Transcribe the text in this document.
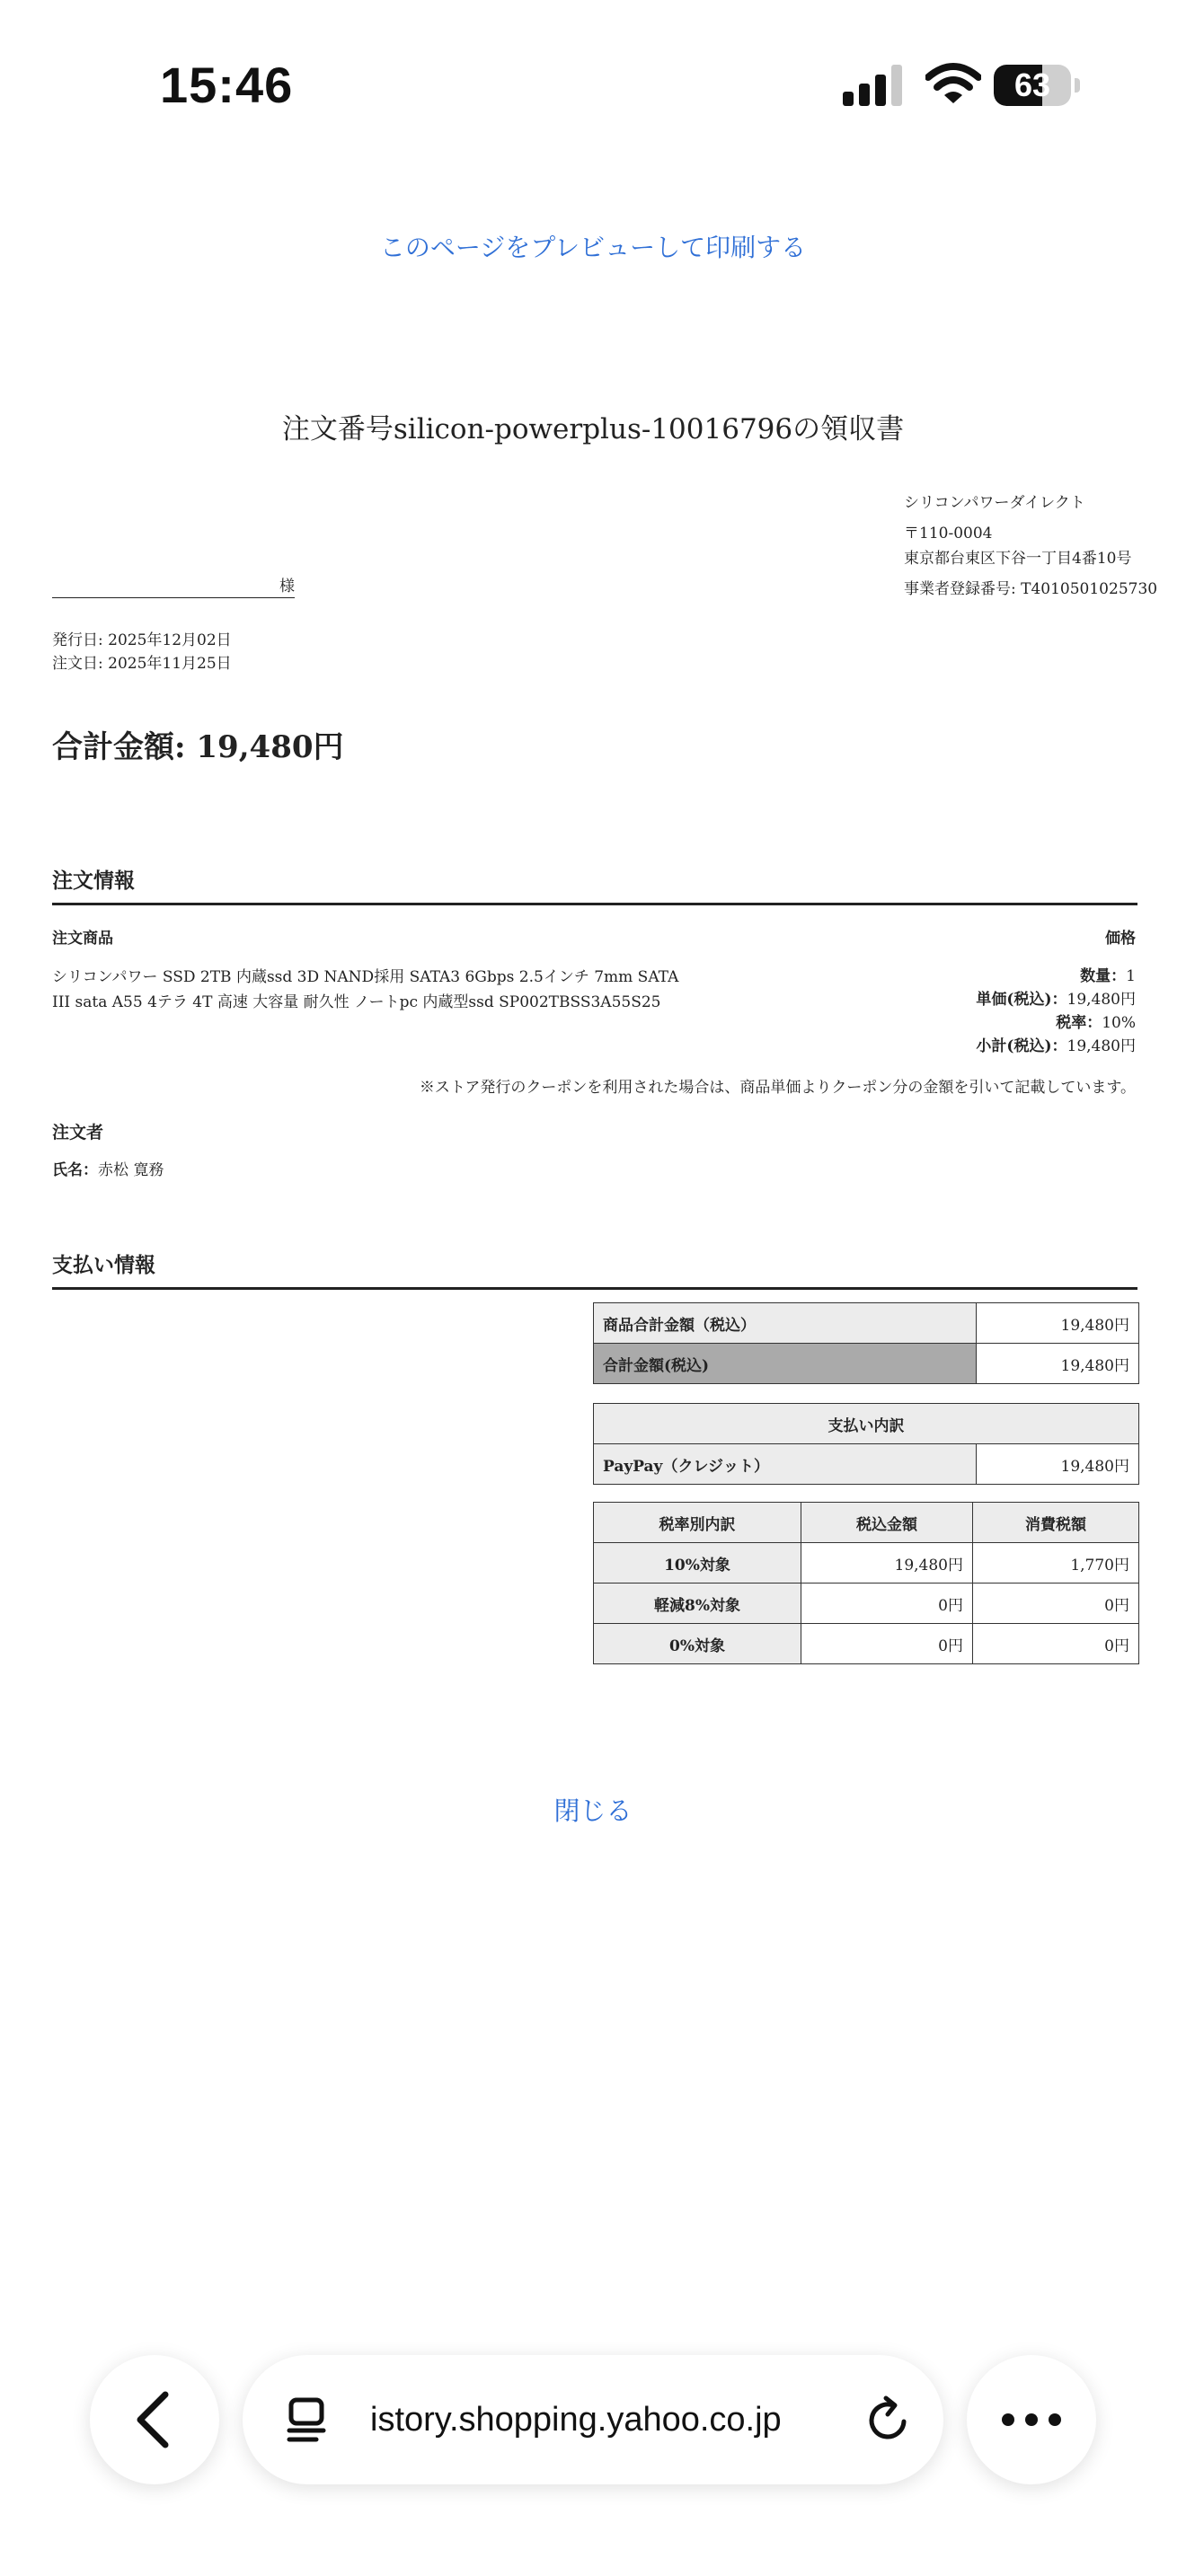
15:46	63
このページをプレビューして印刷する
注文番号silicon-powerplus-10016796の領収書
シリコンパワーダイレクト
〒110-0004
東京都台東区下谷一丁目4番10号
事業者登録番号: T4010501025730
様
発行日: 2025年12月02日
注文日: 2025年11月25日
合計金額: 19,480円
注文情報
注文商品	価格
シリコンパワー SSD 2TB 内蔵ssd 3D NAND採用 SATA3 6Gbps 2.5インチ 7mm SATA III sata A55 4テラ 4T 高速 大容量 耐久性 ノートpc 内蔵型ssd SP002TBSS3A55S25
数量：1
単価(税込)：19,480円
税率：10%
小計(税込)：19,480円
※ストア発行のクーポンを利用された場合は、商品単価よりクーポン分の金額を引いて記載しています。
注文者
氏名：赤松 寛務
支払い情報
商品合計金額（税込）	19,480円
合計金額(税込)	19,480円
支払い内訳
PayPay（クレジット）	19,480円
税率別内訳	税込金額	消費税額
10%対象	19,480円	1,770円
軽減8%対象	0円	0円
0%対象	0円	0円
閉じる
istory.shopping.yahoo.co.jp
